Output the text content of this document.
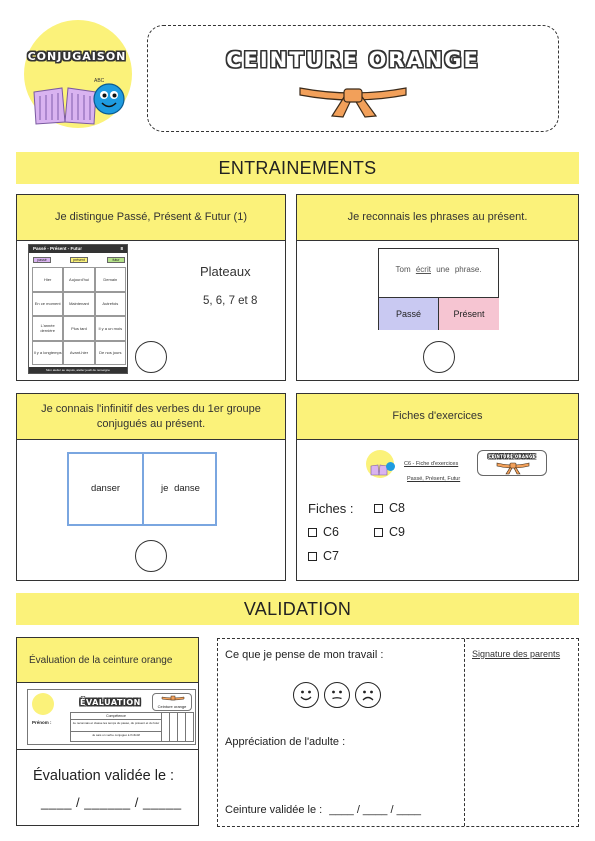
CONJUGAISON
ABC
CEINTURE ORANGE
ENTRAINEMENTS
Je distingue Passé, Présent & Futur (1)
Passé - Présent - Futur	8
passé	présent	futur
Hier	Aujourd'hui	Demain
En ce moment	Maintenant	Autrefois
L'année dernière	Plus tard	Il y a un mois
Il y a longtemps	Avant-hier	De nos jours
Mon atelier au depuis, atelier jeudi de renseigne
Plateaux
5, 6, 7 et 8
Je reconnais les phrases au présent.
Tom écrit une phrase.
Passé	Présent
Je connais l'infinitif des verbes du 1er groupe conjugués au présent.
danser	je danse
Fiches d'exercices
C6 - Fiche d'exercices
Passé, Présent, Futur
CEINTURE ORANGE
Fiches :
C6
C7
C8
C9
VALIDATION
Évaluation de la ceinture orange
ÉVALUATION	Ceinture orange
Prénom :
Compétence
Je reconnais et classe les temps du passé, du présent et du futur
Je sais un verbe conjugué à l'infinitif
Évaluation validée le :
____ / ______ / _____
Ce que je pense de mon travail :
Appréciation de l'adulte :
Ceinture validée le : ____ / ____ / ____
Signature des parents
